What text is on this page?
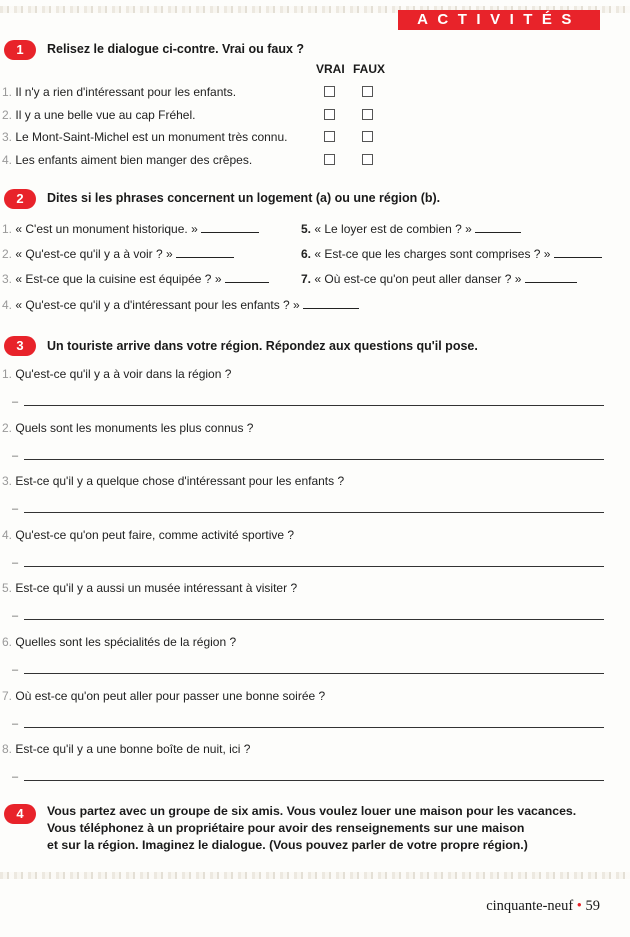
ACTIVITÉS
1	Relisez le dialogue ci-contre. Vrai ou faux ?
VRAI FAUX
1. Il n'y a rien d'intéressant pour les enfants.
2. Il y a une belle vue au cap Fréhel.
3. Le Mont-Saint-Michel est un monument très connu.
4. Les enfants aiment bien manger des crêpes.
2	Dites si les phrases concernent un logement (a) ou une région (b).
1. « C'est un monument historique. »
2. « Qu'est-ce qu'il y a à voir ? »
3. « Est-ce que la cuisine est équipée ? »
4. « Qu'est-ce qu'il y a d'intéressant pour les enfants ? »
5. « Le loyer est de combien ? »
6. « Est-ce que les charges sont comprises ? »
7. « Où est-ce qu'on peut aller danser ? »
3	Un touriste arrive dans votre région. Répondez aux questions qu'il pose.
1. Qu'est-ce qu'il y a à voir dans la région ?
–
2. Quels sont les monuments les plus connus ?
–
3. Est-ce qu'il y a quelque chose d'intéressant pour les enfants ?
–
4. Qu'est-ce qu'on peut faire, comme activité sportive ?
–
5. Est-ce qu'il y a aussi un musée intéressant à visiter ?
–
6. Quelles sont les spécialités de la région ?
–
7. Où est-ce qu'on peut aller pour passer une bonne soirée ?
–
8. Est-ce qu'il y a une bonne boîte de nuit, ici ?
–
4	Vous partez avec un groupe de six amis. Vous voulez louer une maison pour les vacances.
Vous téléphonez à un propriétaire pour avoir des renseignements sur une maison
et sur la région. Imaginez le dialogue. (Vous pouvez parler de votre propre région.)
cinquante-neuf • 59
